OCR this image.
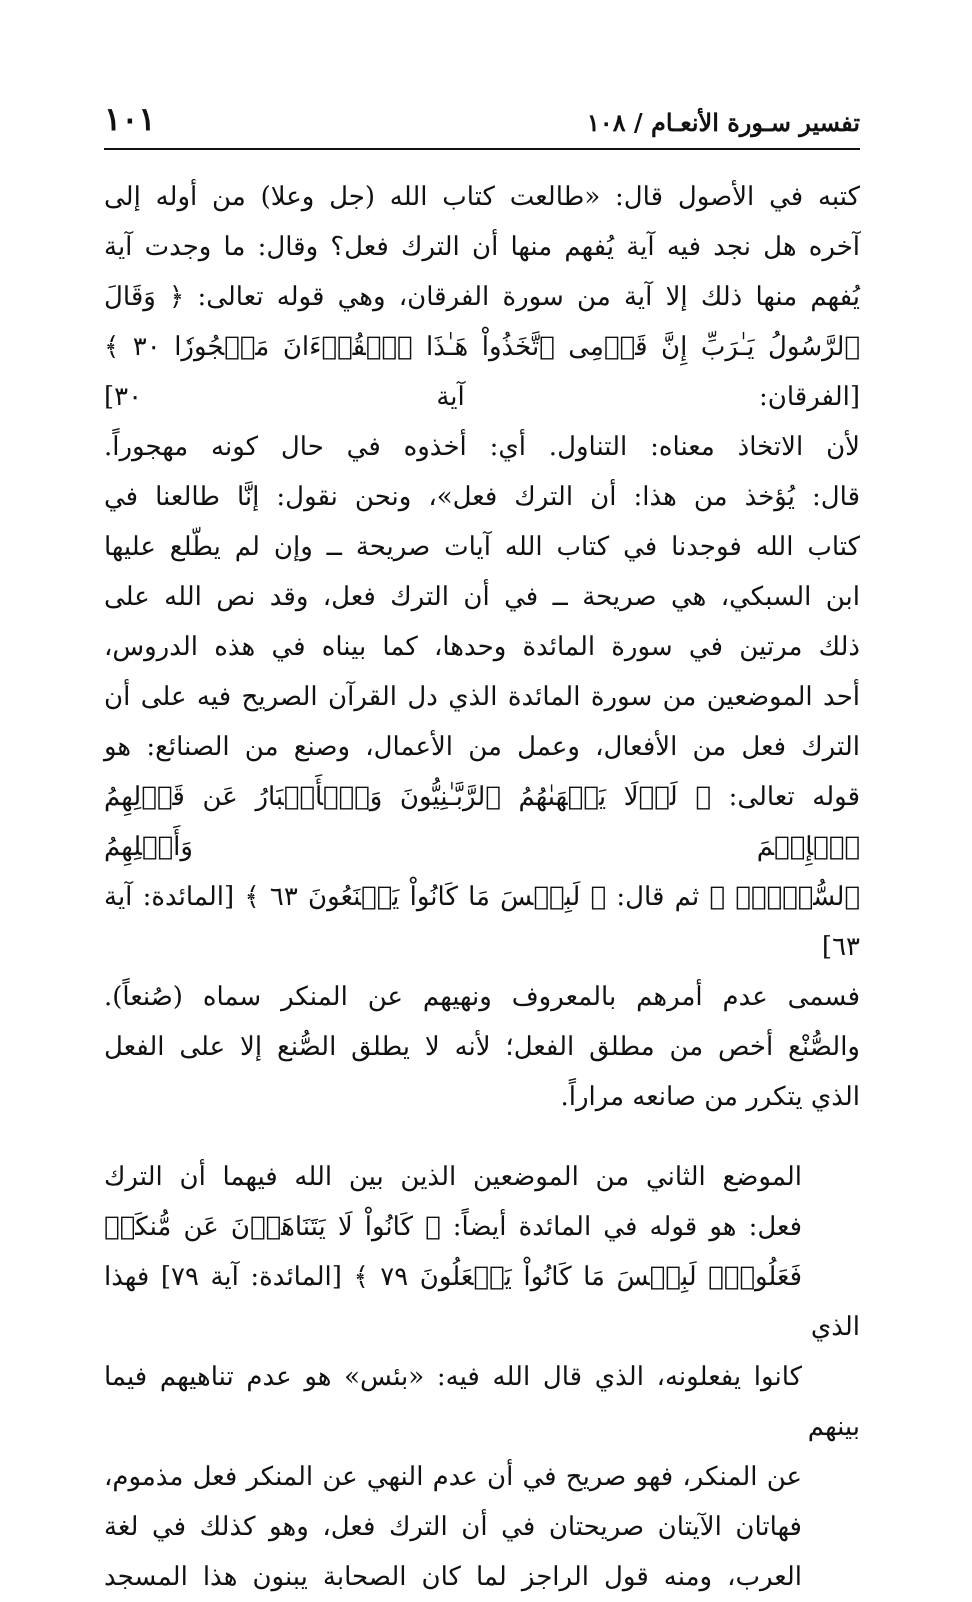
تفسير سـورة الأنعـام / ١٠٨
١٠١

كتبه في الأصول قال: «طالعت كتاب الله (جل وعلا) من أوله إلى
آخره هل نجد فيه آية يُفهم منها أن الترك فعل؟ وقال: ما وجدت آية
يُفهم منها ذلك إلا آية من سورة الفرقان، وهي قوله تعالى: ﴿ وَقَالَ
ٱلرَّسُولُ يَـٰرَبِّ إِنَّ قَوۡمِى ٱتَّخَذُواْ هَـٰذَا ٱلۡقُرۡءَانَ مَهۡجُورٗا ٣٠ ﴾ [الفرقان: آية ٣٠]
لأن الاتخاذ معناه: التناول. أي: أخذوه في حال كونه مهجوراً.
قال: يُؤخذ من هذا: أن الترك فعل»، ونحن نقول: إنَّا طالعنا في
كتاب الله فوجدنا في كتاب الله آيات صريحة ــ وإن لم يطّلع عليها
ابن السبكي، هي صريحة ــ في أن الترك فعل، وقد نص الله على
ذلك مرتين في سورة المائدة وحدها، كما بيناه في هذه الدروس،
أحد الموضعين من سورة المائدة الذي دل القرآن الصريح فيه على أن
الترك فعل من الأفعال، وعمل من الأعمال، وصنع من الصنائع: هو
قوله تعالى: ﴿ لَوۡلَا يَنۡهَىٰهُمُ ٱلرَّبَّـٰنِيُّونَ وَٱلۡأَحۡبَارُ عَن قَوۡلِهِمُ ٱلۡإِثۡمَ وَأَكۡلِهِمُ
ٱلسُّحۡتَۚ ﴾ ثم قال: ﴿ لَبِئۡسَ مَا كَانُواْ يَصۡنَعُونَ ٦٣ ﴾ [المائدة: آية ٦٣]
فسمى عدم أمرهم بالمعروف ونهيهم عن المنكر سماه (صُنعاً).
والصُّنْع أخص من مطلق الفعل؛ لأنه لا يطلق الصُّنع إلا على الفعل
الذي يتكرر من صانعه مراراً.

الموضع الثاني من الموضعين الذين بين الله فيهما أن الترك
فعل: هو قوله في المائدة أيضاً: ﴿ كَانُواْ لَا يَتَنَاهَوۡنَ عَن مُّنكَرٖ
فَعَلُوهُۚ لَبِئۡسَ مَا كَانُواْ يَفۡعَلُونَ ٧٩ ﴾ [المائدة: آية ٧٩] فهذا الذي
كانوا يفعلونه، الذي قال الله فيه: «بئس» هو عدم تناهيهم فيما بينهم
عن المنكر، فهو صريح في أن عدم النهي عن المنكر فعل مذموم،
فهاتان الآيتان صريحتان في أن الترك فعل، وهو كذلك في لغة
العرب، ومنه قول الراجز لما كان الصحابة يبنون هذا المسجد
